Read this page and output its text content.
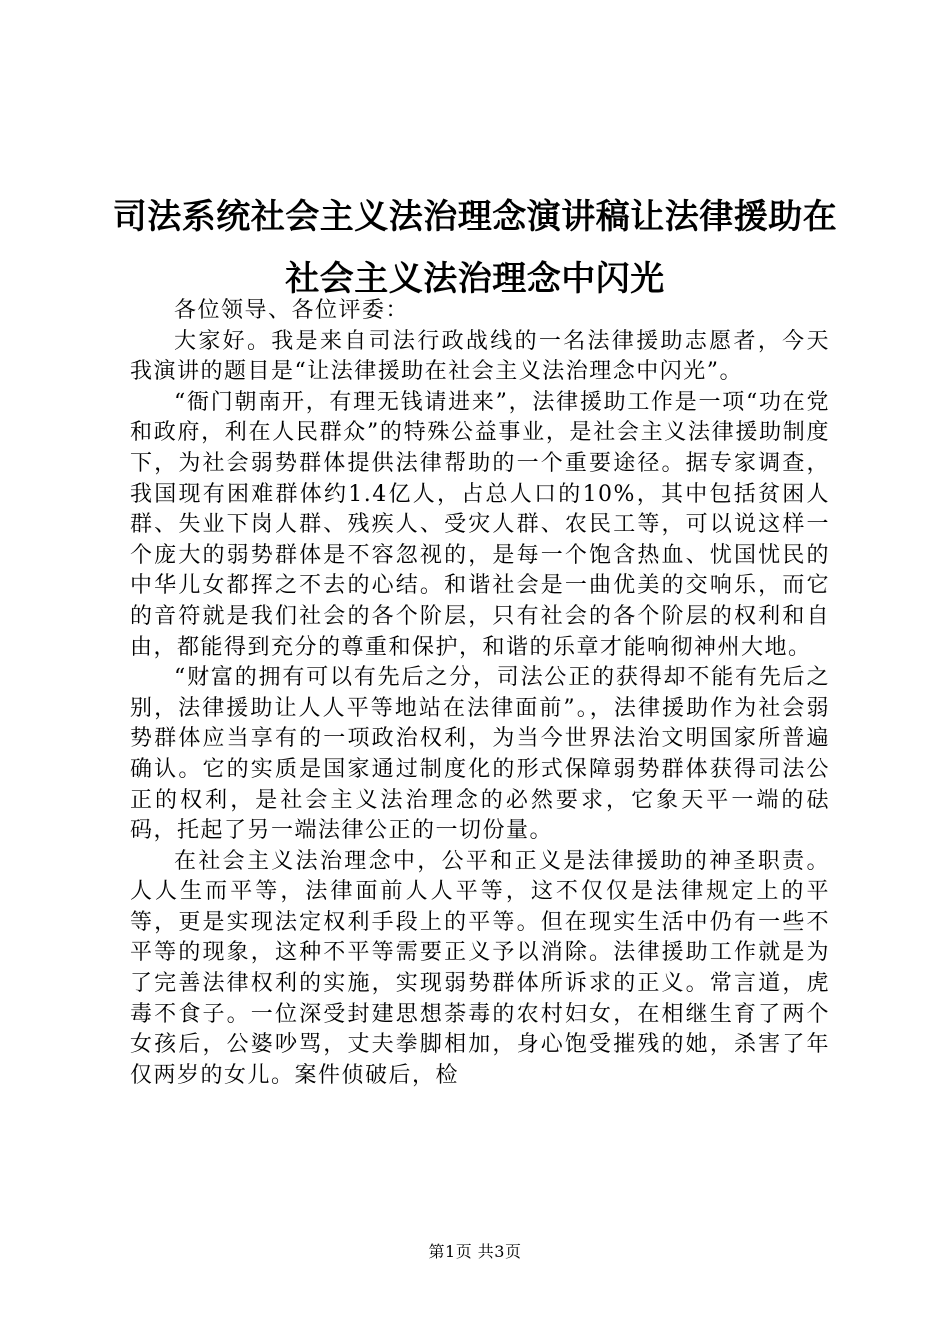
司法系统社会主义法治理念演讲稿让法律援助在社会主义法治理念中闪光

各位领导、各位评委：

大家好。我是来自司法行政战线的一名法律援助志愿者，今天我演讲的题目是“让法律援助在社会主义法治理念中闪光”。

“衙门朝南开，有理无钱请进来”，法律援助工作是一项“功在党和政府，利在人民群众”的特殊公益事业，是社会主义法律援助制度下，为社会弱势群体提供法律帮助的一个重要途径。据专家调查，我国现有困难群体约1.4亿人，占总人口的10%，其中包括贫困人群、失业下岗人群、残疾人、受灾人群、农民工等，可以说这样一个庞大的弱势群体是不容忽视的，是每一个饱含热血、忧国忧民的中华儿女都挥之不去的心结。和谐社会是一曲优美的交响乐，而它的音符就是我们社会的各个阶层，只有社会的各个阶层的权利和自由，都能得到充分的尊重和保护，和谐的乐章才能响彻神州大地。

“财富的拥有可以有先后之分，司法公正的获得却不能有先后之别，法律援助让人人平等地站在法律面前”。，法律援助作为社会弱势群体应当享有的一项政治权利，为当今世界法治文明国家所普遍确认。它的实质是国家通过制度化的形式保障弱势群体获得司法公正的权利，是社会主义法治理念的必然要求，它象天平一端的砝码，托起了另一端法律公正的一切份量。

在社会主义法治理念中，公平和正义是法律援助的神圣职责。人人生而平等，法律面前人人平等，这不仅仅是法律规定上的平等，更是实现法定权利手段上的平等。但在现实生活中仍有一些不平等的现象，这种不平等需要正义予以消除。法律援助工作就是为了完善法律权利的实施，实现弱势群体所诉求的正义。常言道，虎毒不食子。一位深受封建思想荼毒的农村妇女，在相继生育了两个女孩后，公婆吵骂，丈夫拳脚相加，身心饱受摧残的她，杀害了年仅两岁的女儿。案件侦破后，检

第1页 共3页
